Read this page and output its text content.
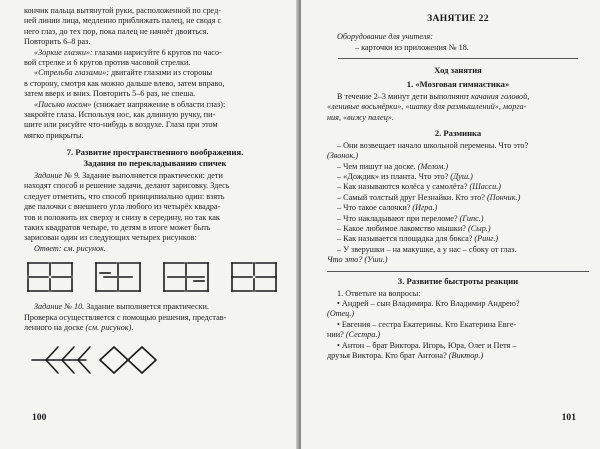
кончик пальца вытянутой руки, расположенной по сред-

ней линии лица, медленно приближать палец, не сводя с

него глаз, до тех пор, пока палец не начнёт двоиться.

Повторить 6–8 раз.

«Зоркие глазки»: глазами нарисуйте 6 кругов по часо-

вой стрелке и 6 кругов против часовой стрелки.

«Стрельба глазами»: двигайте глазами из стороны

в сторону, смотря как можно дальше влево, затем вправо,

затем вверх и вниз. Повторить 5–6 раз, не спеша.

«Письмо носом» (снижает напряжение в области глаз):

закройте глаза. Используя нос, как длинную ручку, пи-

шите или рисуйте что-нибудь в воздухе. Глаза при этом

мягко прикрыты.

7. Развитие пространственного воображения.

Задания по перекладыванию спичек

Задание № 9. Задание выполняется практически: дети

находят способ и решение задачи, делают зарисовку. Здесь

следует отметить, что способ принципиально один: взять

две палочки с внешнего угла любого из четырёх квадра-

тов и положить их сверху и снизу в середину, но так как

таких квадратов четыре, то детям в итоге может быть

зарисован один из следующих четырех рисунков:

Ответ: см. рисунок.

Задание № 10. Задание выполняется практически.

Проверка осуществляется с помощью решения, представ-

ленного на доске (см. рисунок).

100
ЗАНЯТИЕ 22

Оборудование для учителя:

– карточки из приложения № 18.

Ход занятия
1. «Мозговая гимнастика»

В течение 2–3 минут дети выполняют качания головой,

«ленивые восьмёрки», «шапку для размышлений», морга-

ния, «вижу палец».

2. Разминка

– Они возвещает начало школьной перемены. Что это?

(Звонок.)

– Чем пишут на доске. (Мелом.)

– «Дождик» из планта. Что это? (Душ.)

– Как называются колёса у самолёта? (Шасси.)

– Самый толстый друг Незнайки. Кто это? (Пончик.)

– Что такое салочки? (Игра.)

– Что накладывают при переломе? (Гипс.)

– Какое любимое лакомство мышки? (Сыр.)

– Как называется площадка для бокса? (Ринг.)

– У зверушки – на макушке, а у нас – сбоку от глаз.

Что это? (Уши.)

3. Развитие быстроты реакции

1. Ответьте на вопросы:

• Андрей – сын Владимира. Кто Владимир Андрею?

(Отец.)

• Евгения – сестра Екатерины. Кто Екатерина Евге-

нии? (Сестра.)

• Антон – брат Виктора. Игорь, Юра, Олег и Петя –

друзья Виктора. Кто брат Антона? (Виктор.)

101
